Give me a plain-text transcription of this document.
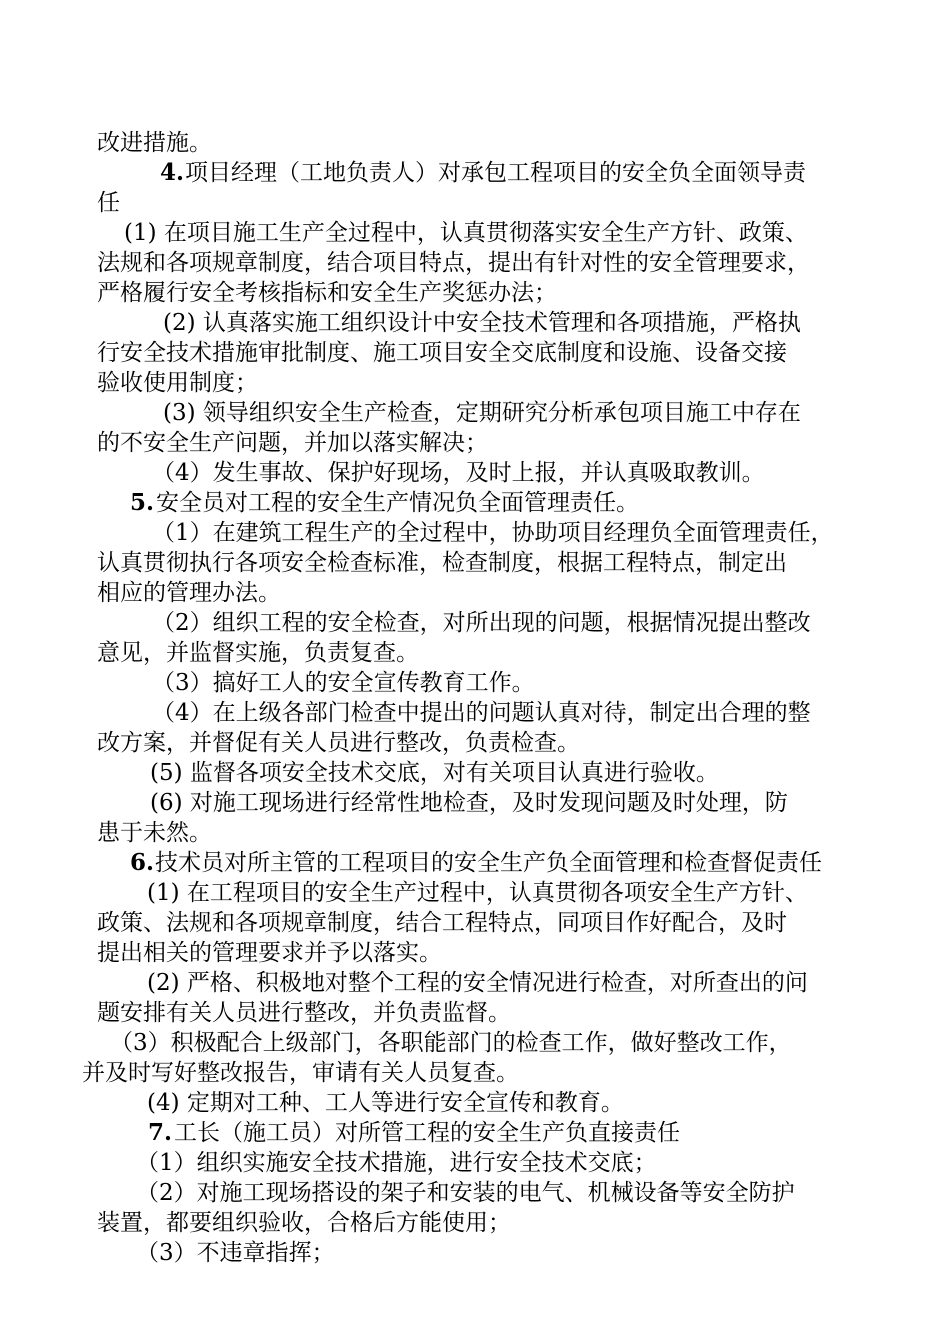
改进措施。

4. 项目经理（工地负责人）对承包工程项目的安全负全面领导责

任

(1) 在项目施工生产全过程中，认真贯彻落实安全生产方针、政策、

法规和各项规章制度，结合项目特点，提出有针对性的安全管理要求，

严格履行安全考核指标和安全生产奖惩办法；

(2) 认真落实施工组织设计中安全技术管理和各项措施，严格执

行安全技术措施审批制度、施工项目安全交底制度和设施、设备交接

验收使用制度；

(3) 领导组织安全生产检查，定期研究分析承包项目施工中存在

的不安全生产问题，并加以落实解决；

（4）发生事故、保护好现场，及时上报，并认真吸取教训。

5. 安全员对工程的安全生产情况负全面管理责任。

（1）在建筑工程生产的全过程中，协助项目经理负全面管理责任，

认真贯彻执行各项安全检查标准，检查制度，根据工程特点，制定出

相应的管理办法。

（2）组织工程的安全检查，对所出现的问题，根据情况提出整改

意见，并监督实施，负责复查。

（3）搞好工人的安全宣传教育工作。

（4）在上级各部门检查中提出的问题认真对待，制定出合理的整

改方案，并督促有关人员进行整改，负责检查。

(5) 监督各项安全技术交底，对有关项目认真进行验收。

(6) 对施工现场进行经常性地检查，及时发现问题及时处理，防

患于未然。

6. 技术员对所主管的工程项目的安全生产负全面管理和检查督促责任

(1) 在工程项目的安全生产过程中，认真贯彻各项安全生产方针、

政策、法规和各项规章制度，结合工程特点，同项目作好配合，及时

提出相关的管理要求并予以落实。

(2) 严格、积极地对整个工程的安全情况进行检查，对所查出的问

题安排有关人员进行整改，并负责监督。

（3）积极配合上级部门，各职能部门的检查工作，做好整改工作，

并及时写好整改报告，审请有关人员复查。

(4) 定期对工种、工人等进行安全宣传和教育。

7. 工长（施工员）对所管工程的安全生产负直接责任

（1）组织实施安全技术措施，进行安全技术交底；

（2）对施工现场搭设的架子和安装的电气、机械设备等安全防护

装置，都要组织验收，合格后方能使用；

（3）不违章指挥；
